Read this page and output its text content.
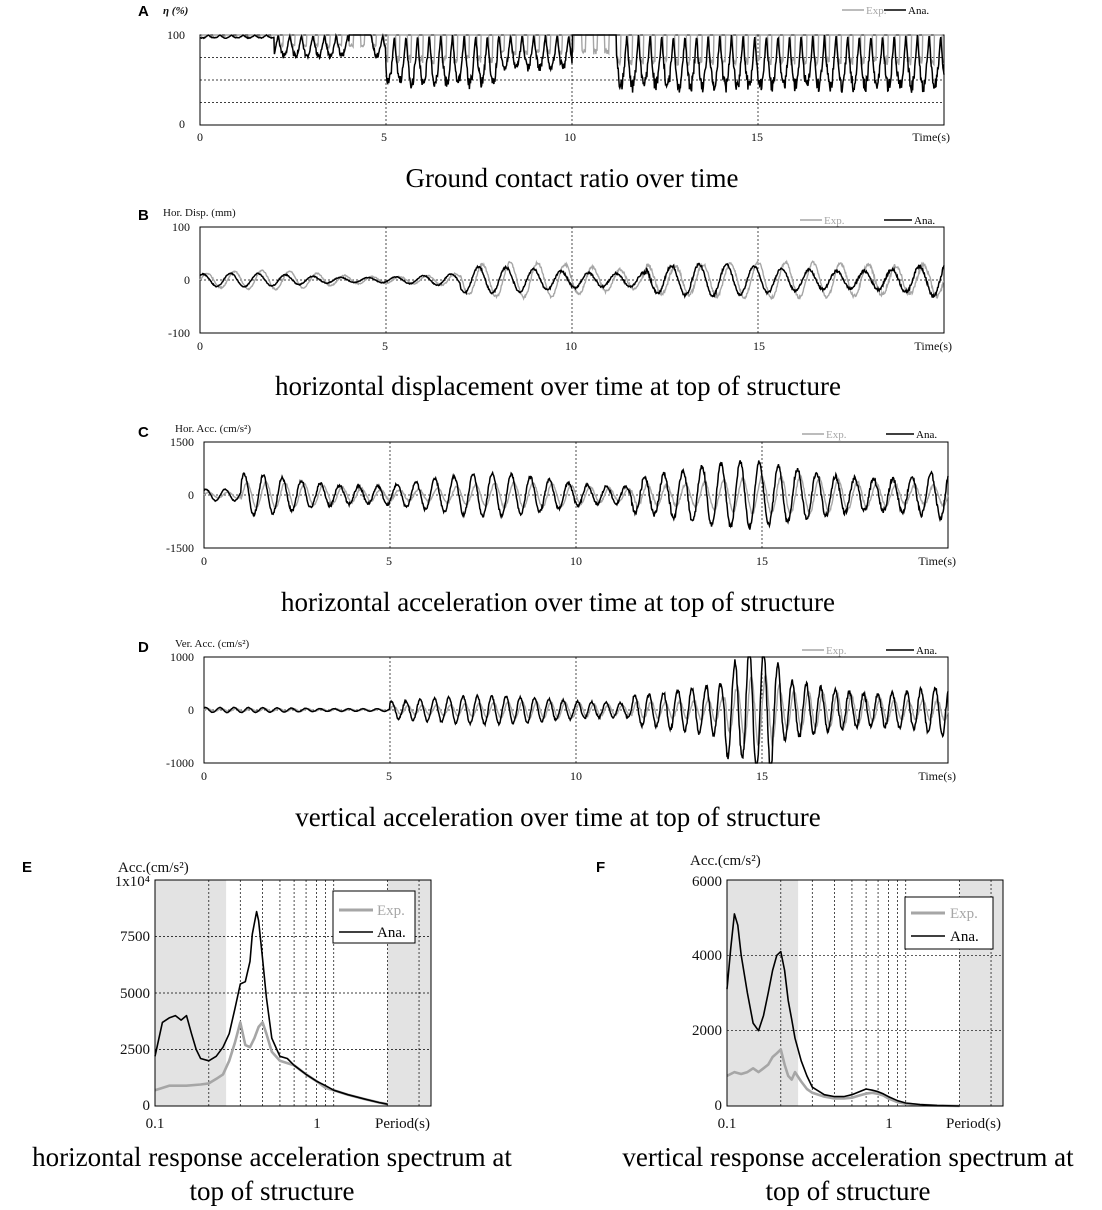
A η (%)
100
0
0	5	10	15	Time(s)
Exp. Ana.
Ground contact ratio over time
B Hor. Disp. (mm)
100
0
-100
0	5	10	15	Time(s)
Exp.	Ana.
horizontal displacement over time at top of structure
C Hor. Acc. (cm/s²)
1500
0
-1500
0	5	10	15	Time(s)
Exp.	Ana.
horizontal acceleration over time at top of structure
D Ver. Acc. (cm/s²)
1000
0
-1000
0	5	10	15	Time(s)
Exp.	Ana.
vertical acceleration over time at top of structure
E	Acc.(cm/s²)
1x10⁴
7500
5000
2500
0
0.1	1	Period(s)
Exp.
Ana.
horizontal response acceleration spectrum at
top of structure
F	Acc.(cm/s²)
6000
4000
2000
0
0.1	1	Period(s)
Exp.
Ana.
vertical response acceleration spectrum at
top of structure
